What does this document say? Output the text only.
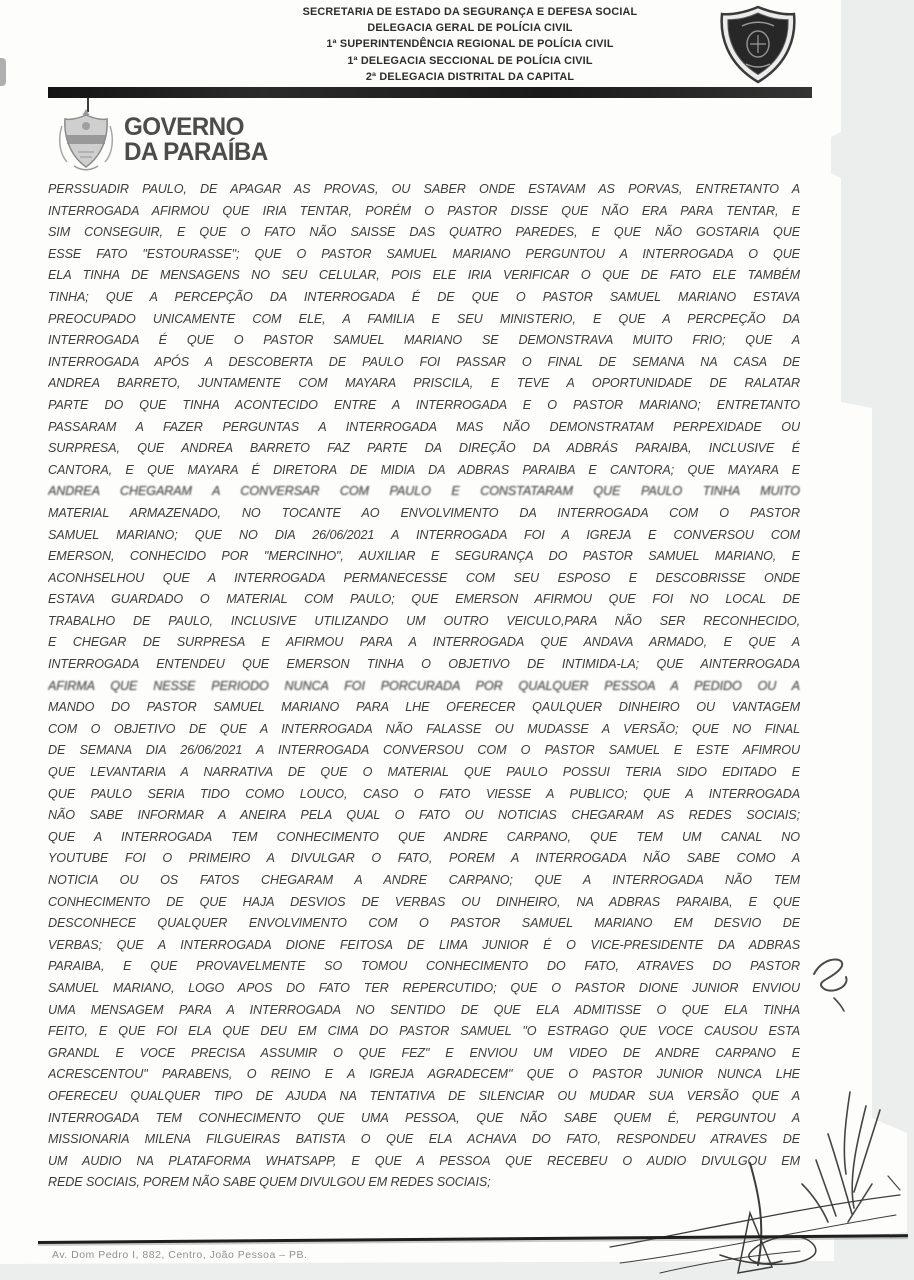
SECRETARIA DE ESTADO DA SEGURANÇA E DEFESA SOCIAL
DELEGACIA GERAL DE POLÍCIA CIVIL
1ª SUPERINTENDÊNCIA REGIONAL DE POLÍCIA CIVIL
1ª DELEGACIA SECCIONAL DE POLÍCIA CIVIL
2ª DELEGACIA DISTRITAL DA CAPITAL
GOVERNO
DA PARAÍBA
PERSSUADIR PAULO, DE APAGAR AS PROVAS, OU SABER ONDE ESTAVAM AS PORVAS, ENTRETANTO A
INTERROGADA AFIRMOU QUE IRIA TENTAR, PORÉM O PASTOR DISSE QUE NÃO ERA PARA TENTAR, E
SIM CONSEGUIR, E QUE O FATO NÃO SAISSE DAS QUATRO PAREDES, E QUE NÃO GOSTARIA QUE
ESSE FATO "ESTOURASSE"; QUE O PASTOR SAMUEL MARIANO PERGUNTOU A INTERROGADA O QUE
ELA TINHA DE MENSAGENS NO SEU CELULAR, POIS ELE IRIA VERIFICAR O QUE DE FATO ELE TAMBÉM
TINHA; QUE A PERCEPÇÃO DA INTERROGADA É DE QUE O PASTOR SAMUEL MARIANO ESTAVA
PREOCUPADO UNICAMENTE COM ELE, A FAMILIA E SEU MINISTERIO, E QUE A PERCPEÇÃO DA
INTERROGADA É QUE O PASTOR SAMUEL MARIANO SE DEMONSTRAVA MUITO FRIO; QUE A
INTERROGADA APÓS A DESCOBERTA DE PAULO FOI PASSAR O FINAL DE SEMANA NA CASA DE
ANDREA BARRETO, JUNTAMENTE COM MAYARA PRISCILA, E TEVE A OPORTUNIDADE DE RALATAR
PARTE DO QUE TINHA ACONTECIDO ENTRE A INTERROGADA E O PASTOR MARIANO; ENTRETANTO
PASSARAM A FAZER PERGUNTAS A INTERROGADA MAS NÃO DEMONSTRATAM PERPEXIDADE OU
SURPRESA, QUE ANDREA BARRETO FAZ PARTE DA DIREÇÃO DA ADBRÁS PARAIBA, INCLUSIVE É
CANTORA, E QUE MAYARA É DIRETORA DE MIDIA DA ADBRAS PARAIBA E CANTORA; QUE MAYARA E
ANDREA CHEGARAM A CONVERSAR COM PAULO E CONSTATARAM QUE PAULO TINHA MUITO
MATERIAL ARMAZENADO, NO TOCANTE AO ENVOLVIMENTO DA INTERROGADA COM O PASTOR
SAMUEL MARIANO; QUE NO DIA 26/06/2021 A INTERROGADA FOI A IGREJA E CONVERSOU COM
EMERSON, CONHECIDO POR "MERCINHO", AUXILIAR E SEGURANÇA DO PASTOR SAMUEL MARIANO, E
ACONHSELHOU QUE A INTERROGADA PERMANECESSE COM SEU ESPOSO E DESCOBRISSE ONDE
ESTAVA GUARDADO O MATERIAL COM PAULO; QUE EMERSON AFIRMOU QUE FOI NO LOCAL DE
TRABALHO DE PAULO, INCLUSIVE UTILIZANDO UM OUTRO VEICULO,PARA NÃO SER RECONHECIDO,
E CHEGAR DE SURPRESA E AFIRMOU PARA A INTERROGADA QUE ANDAVA ARMADO, E QUE A
INTERROGADA ENTENDEU QUE EMERSON TINHA O OBJETIVO DE INTIMIDA-LA; QUE AINTERROGADA
AFIRMA QUE NESSE PERIODO NUNCA FOI PORCURADA POR QUALQUER PESSOA A PEDIDO OU A
MANDO DO PASTOR SAMUEL MARIANO PARA LHE OFERECER QAULQUER DINHEIRO OU VANTAGEM
COM O OBJETIVO DE QUE A INTERROGADA NÃO FALASSE OU MUDASSE A VERSÃO; QUE NO FINAL
DE SEMANA DIA 26/06/2021 A INTERROGADA CONVERSOU COM O PASTOR SAMUEL E ESTE AFIMROU
QUE LEVANTARIA A NARRATIVA DE QUE O MATERIAL QUE PAULO POSSUI TERIA SIDO EDITADO E
QUE PAULO SERIA TIDO COMO LOUCO, CASO O FATO VIESSE A PUBLICO; QUE A INTERROGADA
NÃO SABE INFORMAR A ANEIRA PELA QUAL O FATO OU NOTICIAS CHEGARAM AS REDES SOCIAIS;
QUE A INTERROGADA TEM CONHECIMENTO QUE ANDRE CARPANO, QUE TEM UM CANAL NO
YOUTUBE FOI O PRIMEIRO A DIVULGAR O FATO, POREM A INTERROGADA NÃO SABE COMO A
NOTICIA OU OS FATOS CHEGARAM A ANDRE CARPANO; QUE A INTERROGADA NÃO TEM
CONHECIMENTO DE QUE HAJA DESVIOS DE VERBAS OU DINHEIRO, NA ADBRAS PARAIBA, E QUE
DESCONHECE QUALQUER ENVOLVIMENTO COM O PASTOR SAMUEL MARIANO EM DESVIO DE
VERBAS; QUE A INTERROGADA DIONE FEITOSA DE LIMA JUNIOR É O VICE-PRESIDENTE DA ADBRAS
PARAIBA, E QUE PROVAVELMENTE SO TOMOU CONHECIMENTO DO FATO, ATRAVES DO PASTOR
SAMUEL MARIANO, LOGO APOS DO FATO TER REPERCUTIDO; QUE O PASTOR DIONE JUNIOR ENVIOU
UMA MENSAGEM PARA A INTERROGADA NO SENTIDO DE QUE ELA ADMITISSE O QUE ELA TINHA
FEITO, E QUE FOI ELA QUE DEU EM CIMA DO PASTOR SAMUEL "O ESTRAGO QUE VOCE CAUSOU ESTA
GRANDL E VOCE PRECISA ASSUMIR O QUE FEZ" E ENVIOU UM VIDEO DE ANDRE CARPANO E
ACRESCENTOU" PARABENS, O REINO E A IGREJA AGRADECEM" QUE O PASTOR JUNIOR NUNCA LHE
OFERECEU QUALQUER TIPO DE AJUDA NA TENTATIVA DE SILENCIAR OU MUDAR SUA VERSÃO QUE A
INTERROGADA TEM CONHECIMENTO QUE UMA PESSOA, QUE NÃO SABE QUEM É, PERGUNTOU A
MISSIONARIA MILENA FILGUEIRAS BATISTA O QUE ELA ACHAVA DO FATO, RESPONDEU ATRAVES DE
UM AUDIO NA PLATAFORMA WHATSAPP, E QUE A PESSOA QUE RECEBEU O AUDIO DIVULGOU EM
REDE SOCIAIS, POREM NÃO SABE QUEM DIVULGOU EM REDES SOCIAIS;
Av. Dom Pedro I, 882, Centro, João Pessoa – PB.
